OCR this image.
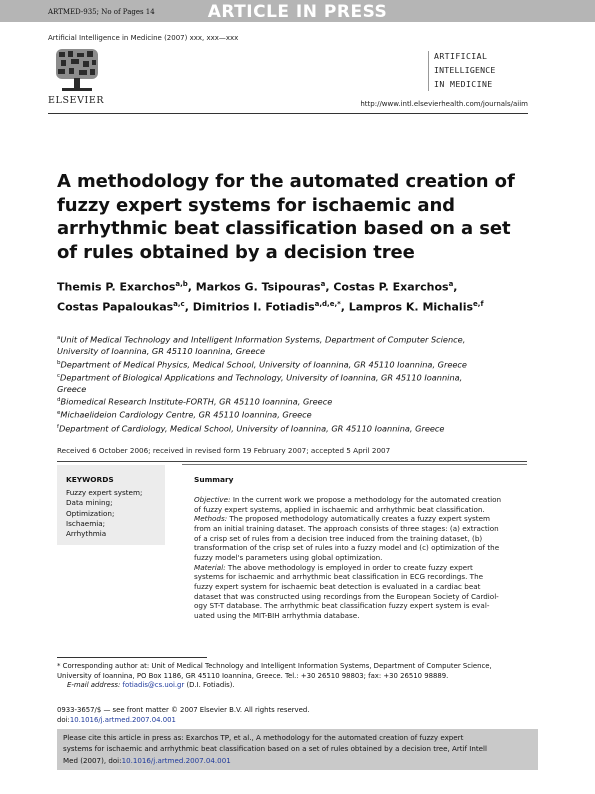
ARTMED-935; No of Pages 14	ARTICLE IN PRESS
Artificial Intelligence in Medicine (2007) xxx, xxx—xxx
ELSEVIER
ARTIFICIAL
INTELLIGENCE
IN MEDICINE
http://www.intl.elsevierhealth.com/journals/aiim
A methodology for the automated creation of
fuzzy expert systems for ischaemic and
arrhythmic beat classification based on a set
of rules obtained by a decision tree
Themis P. Exarchos$^{a,b}$, Markos G. Tsipouras$^a$, Costas P. Exarchos$^a$,
Costas Papaloukas$^{a,c}$, Dimitrios I. Fotiadis$^{a,d,e,*}$, Lampros K. Michalis$^{e,f}$
$^a$Unit of Medical Technology and Intelligent Information Systems, Department of Computer Science,
University of Ioannina, GR 45110 Ioannina, Greece
$^b$Department of Medical Physics, Medical School, University of Ioannina, GR 45110 Ioannina, Greece
$^c$Department of Biological Applications and Technology, University of Ioannina, GR 45110 Ioannina,
Greece
$^d$Biomedical Research Institute-FORTH, GR 45110 Ioannina, Greece
$^e$Michaelideion Cardiology Centre, GR 45110 Ioannina, Greece
$^f$Department of Cardiology, Medical School, University of Ioannina, GR 45110 Ioannina, Greece
Received 6 October 2006; received in revised form 19 February 2007; accepted 5 April 2007
KEYWORDS
Fuzzy expert system;
Data mining;
Optimization;
Ischaemia;
Arrhythmia
Summary
Objective: In the current work we propose a methodology for the automated creation
of fuzzy expert systems, applied in ischaemic and arrhythmic beat classification.
Methods: The proposed methodology automatically creates a fuzzy expert system
from an initial training dataset. The approach consists of three stages: (a) extraction
of a crisp set of rules from a decision tree induced from the training dataset, (b)
transformation of the crisp set of rules into a fuzzy model and (c) optimization of the
fuzzy model's parameters using global optimization.
Material: The above methodology is employed in order to create fuzzy expert
systems for ischaemic and arrhythmic beat classification in ECG recordings. The
fuzzy expert system for ischaemic beat detection is evaluated in a cardiac beat
dataset that was constructed using recordings from the European Society of Cardiol-
ogy ST-T database. The arrhythmic beat classification fuzzy expert system is eval-
uated using the MIT-BIH arrhythmia database.
* Corresponding author at: Unit of Medical Technology and Intelligent Information Systems, Department of Computer Science,
University of Ioannina, PO Box 1186, GR 45110 Ioannina, Greece. Tel.: +30 26510 98803; fax: +30 26510 98889.
E-mail address: fotiadis@cs.uoi.gr (D.I. Fotiadis).
0933-3657/$ — see front matter © 2007 Elsevier B.V. All rights reserved.
doi:10.1016/j.artmed.2007.04.001
Please cite this article in press as: Exarchos TP, et al., A methodology for the automated creation of fuzzy expert
systems for ischaemic and arrhythmic beat classification based on a set of rules obtained by a decision tree, Artif Intell
Med (2007), doi:10.1016/j.artmed.2007.04.001
